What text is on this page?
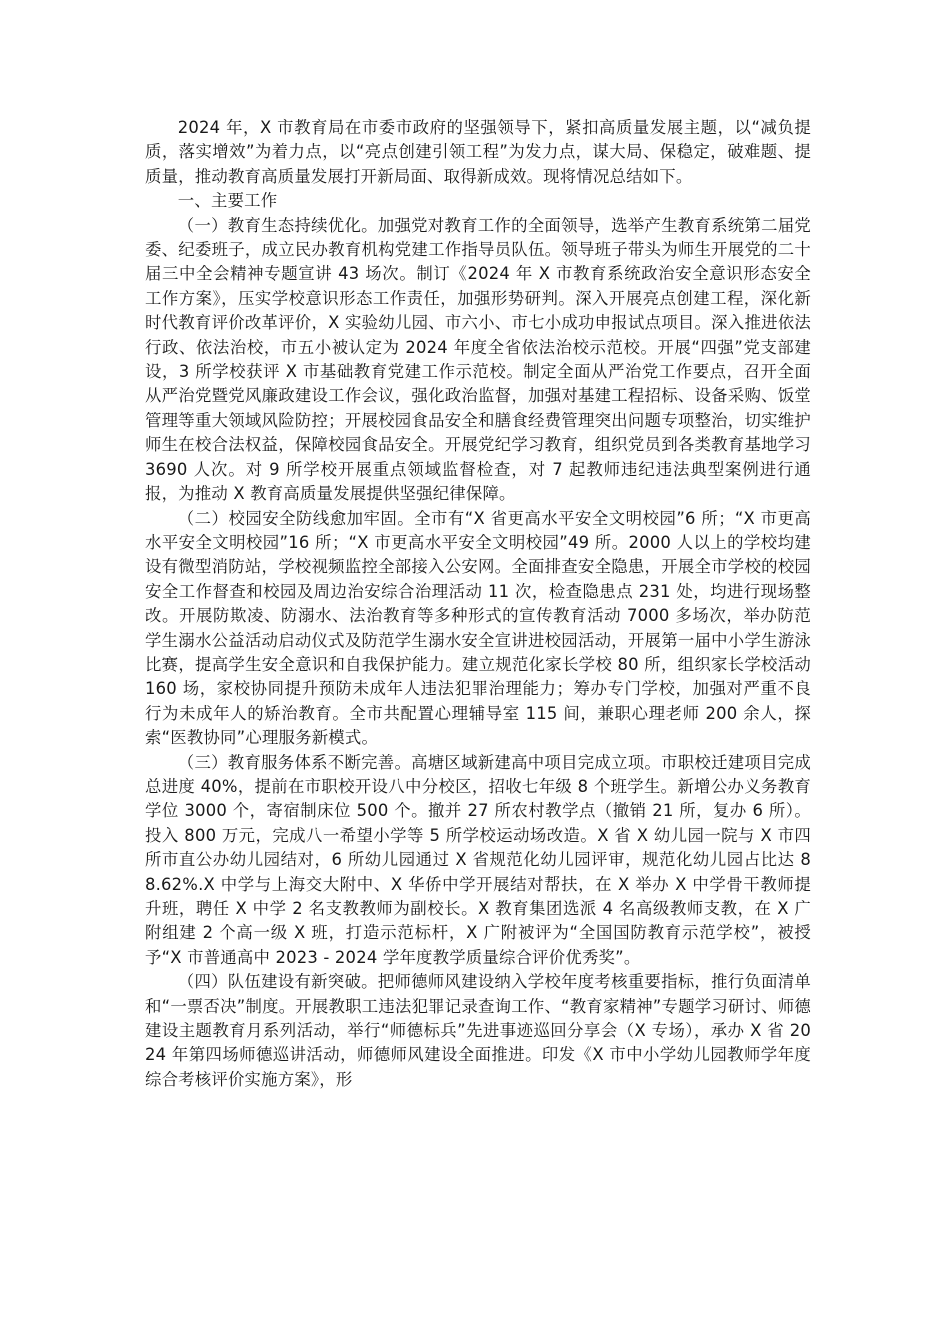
2024 年，X 市教育局在市委市政府的坚强领导下，紧扣高质量发展主题，以“减负提质，落实增效”为着力点，以“亮点创建引领工程”为发力点，谋大局、保稳定，破难题、提质量，推动教育高质量发展打开新局面、取得新成效。现将情况总结如下。

一、主要工作

（一）教育生态持续优化。加强党对教育工作的全面领导，选举产生教育系统第二届党委、纪委班子，成立民办教育机构党建工作指导员队伍。领导班子带头为师生开展党的二十届三中全会精神专题宣讲 43 场次。制订《2024 年 X 市教育系统政治安全意识形态安全工作方案》，压实学校意识形态工作责任，加强形势研判。深入开展亮点创建工程，深化新时代教育评价改革评价，X 实验幼儿园、市六小、市七小成功申报试点项目。深入推进依法行政、依法治校，市五小被认定为 2024 年度全省依法治校示范校。开展“四强”党支部建设，3 所学校获评 X 市基础教育党建工作示范校。制定全面从严治党工作要点，召开全面从严治党暨党风廉政建设工作会议，强化政治监督，加强对基建工程招标、设备采购、饭堂管理等重大领域风险防控；开展校园食品安全和膳食经费管理突出问题专项整治，切实维护师生在校合法权益，保障校园食品安全。开展党纪学习教育，组织党员到各类教育基地学习 3690 人次。对 9 所学校开展重点领域监督检查，对 7 起教师违纪违法典型案例进行通报，为推动 X 教育高质量发展提供坚强纪律保障。

（二）校园安全防线愈加牢固。全市有“X 省更高水平安全文明校园”6 所；“X 市更高水平安全文明校园”16 所；“X 市更高水平安全文明校园”49 所。2000 人以上的学校均建设有微型消防站，学校视频监控全部接入公安网。全面排查安全隐患，开展全市学校的校园安全工作督查和校园及周边治安综合治理活动 11 次，检查隐患点 231 处，均进行现场整改。开展防欺凌、防溺水、法治教育等多种形式的宣传教育活动 7000 多场次，举办防范学生溺水公益活动启动仪式及防范学生溺水安全宣讲进校园活动，开展第一届中小学生游泳比赛，提高学生安全意识和自我保护能力。建立规范化家长学校 80 所，组织家长学校活动 160 场，家校协同提升预防未成年人违法犯罪治理能力；筹办专门学校，加强对严重不良行为未成年人的矫治教育。全市共配置心理辅导室 115 间，兼职心理老师 200 余人，探索“医教协同”心理服务新模式。

（三）教育服务体系不断完善。高塘区域新建高中项目完成立项。市职校迁建项目完成总进度 40%，提前在市职校开设八中分校区，招收七年级 8 个班学生。新增公办义务教育学位 3000 个，寄宿制床位 500 个。撤并 27 所农村教学点（撤销 21 所，复办 6 所）。投入 800 万元，完成八一希望小学等 5 所学校运动场改造。X 省 X 幼儿园一院与 X 市四所市直公办幼儿园结对，6 所幼儿园通过 X 省规范化幼儿园评审，规范化幼儿园占比达 88.62%.X 中学与上海交大附中、X 华侨中学开展结对帮扶，在 X 举办 X 中学骨干教师提升班，聘任 X 中学 2 名支教教师为副校长。X 教育集团选派 4 名高级教师支教，在 X 广附组建 2 个高一级 X 班，打造示范标杆，X 广附被评为“全国国防教育示范学校”，被授予“X 市普通高中 2023 - 2024 学年度教学质量综合评价优秀奖”。

（四）队伍建设有新突破。把师德师风建设纳入学校年度考核重要指标，推行负面清单和“一票否决”制度。开展教职工违法犯罪记录查询工作、“教育家精神”专题学习研讨、师德建设主题教育月系列活动，举行“师德标兵”先进事迹巡回分享会（X 专场），承办 X 省 2024 年第四场师德巡讲活动，师德师风建设全面推进。印发《X 市中小学幼儿园教师学年度综合考核评价实施方案》，形
